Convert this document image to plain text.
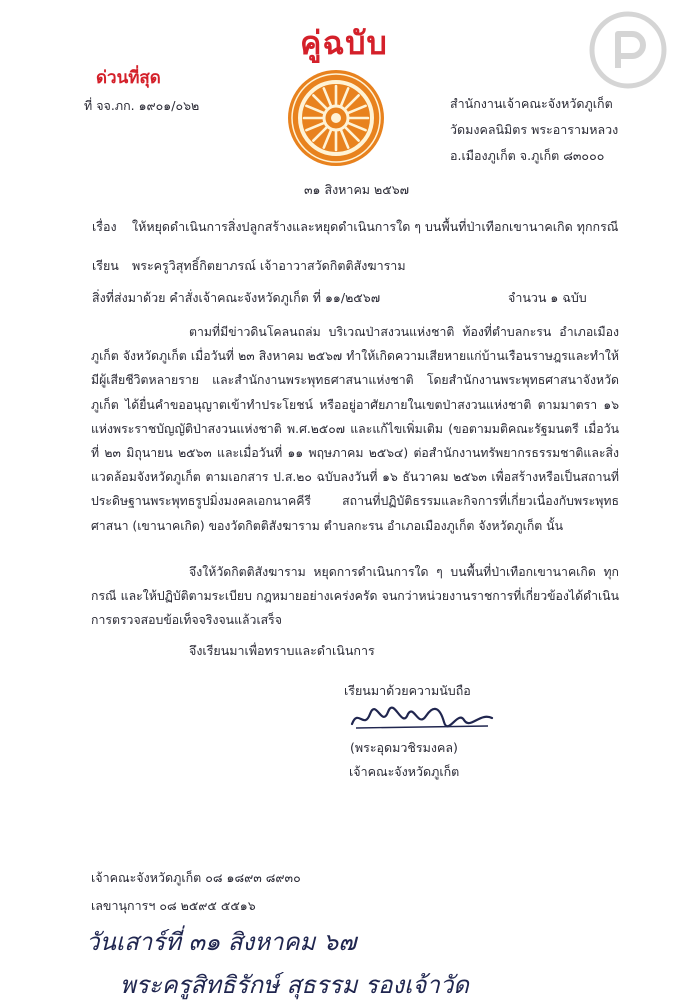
คู่ฉบับ
ด่วนที่สุด
ที่ จจ.ภก. ๑๙๐๑/๐๖๒	สำนักงานเจ้าคณะจังหวัดภูเก็ต
วัดมงคลนิมิตร พระอารามหลวง
อ.เมืองภูเก็ต จ.ภูเก็ต ๘๓๐๐๐
๓๑ สิงหาคม ๒๕๖๗
เรื่อง ให้หยุดดำเนินการสิ่งปลูกสร้างและหยุดดำเนินการใด ๆ บนพื้นที่ป่าเทือกเขานาคเกิด ทุกกรณี
เรียน พระครูวิสุทธิ์กิตยาภรณ์ เจ้าอาวาสวัดกิตติสังฆาราม
สิ่งที่ส่งมาด้วย คำสั่งเจ้าคณะจังหวัดภูเก็ต ที่ ๑๑/๒๕๖๗	จำนวน ๑ ฉบับ
ตามที่มีข่าวดินโคลนถล่ม บริเวณป่าสงวนแห่งชาติ ท้องที่ตำบลกะรน อำเภอเมืองภูเก็ต จังหวัดภูเก็ต เมื่อวันที่ ๒๓ สิงหาคม ๒๕๖๗ ทำให้เกิดความเสียหายแก่บ้านเรือนราษฎรและทำให้มีผู้เสียชีวิตหลายราย และสำนักงานพระพุทธศาสนาแห่งชาติ โดยสำนักงานพระพุทธศาสนาจังหวัดภูเก็ต ได้ยื่นคำขออนุญาตเข้าทำประโยชน์ หรืออยู่อาศัยภายในเขตป่าสงวนแห่งชาติ ตามมาตรา ๑๖ แห่งพระราชบัญญัติป่าสงวนแห่งชาติ พ.ศ.๒๕๐๗ และแก้ไขเพิ่มเติม (ขอตามมติคณะรัฐมนตรี เมื่อวันที่ ๒๓ มิถุนายน ๒๕๖๓ และเมื่อวันที่ ๑๑ พฤษภาคม ๒๕๖๔) ต่อสำนักงานทรัพยากรธรรมชาติและสิ่งแวดล้อมจังหวัดภูเก็ต ตามเอกสาร ป.ส.๒๐ ฉบับลงวันที่ ๑๖ ธันวาคม ๒๕๖๓ เพื่อสร้างหรือเป็นสถานที่ประดิษฐานพระพุทธรูปมิ่งมงคลเอกนาคคีรี สถานที่ปฏิบัติธรรมและกิจการที่เกี่ยวเนื่องกับพระพุทธศาสนา (เขานาคเกิด) ของวัดกิตติสังฆาราม ตำบลกะรน อำเภอเมืองภูเก็ต จังหวัดภูเก็ต นั้น
จึงให้วัดกิตติสังฆาราม หยุดการดำเนินการใด ๆ บนพื้นที่ป่าเทือกเขานาคเกิด ทุกกรณี และให้ปฏิบัติตามระเบียบ กฎหมายอย่างเคร่งครัด จนกว่าหน่วยงานราชการที่เกี่ยวข้องได้ดำเนินการตรวจสอบข้อเท็จจริงจนแล้วเสร็จ
จึงเรียนมาเพื่อทราบและดำเนินการ
เรียนมาด้วยความนับถือ
(พระอุดมวชิรมงคล)
เจ้าคณะจังหวัดภูเก็ต
เจ้าคณะจังหวัดภูเก็ต ๐๘ ๑๘๙๓ ๘๙๓๐
เลขานุการฯ ๐๘ ๒๕๙๕ ๕๕๑๖
วันเสาร์ที่ ๓๑ สิงหาคม ๖๗
พระครูสิทธิรักษ์ สุธรรม รองเจ้าวัด
